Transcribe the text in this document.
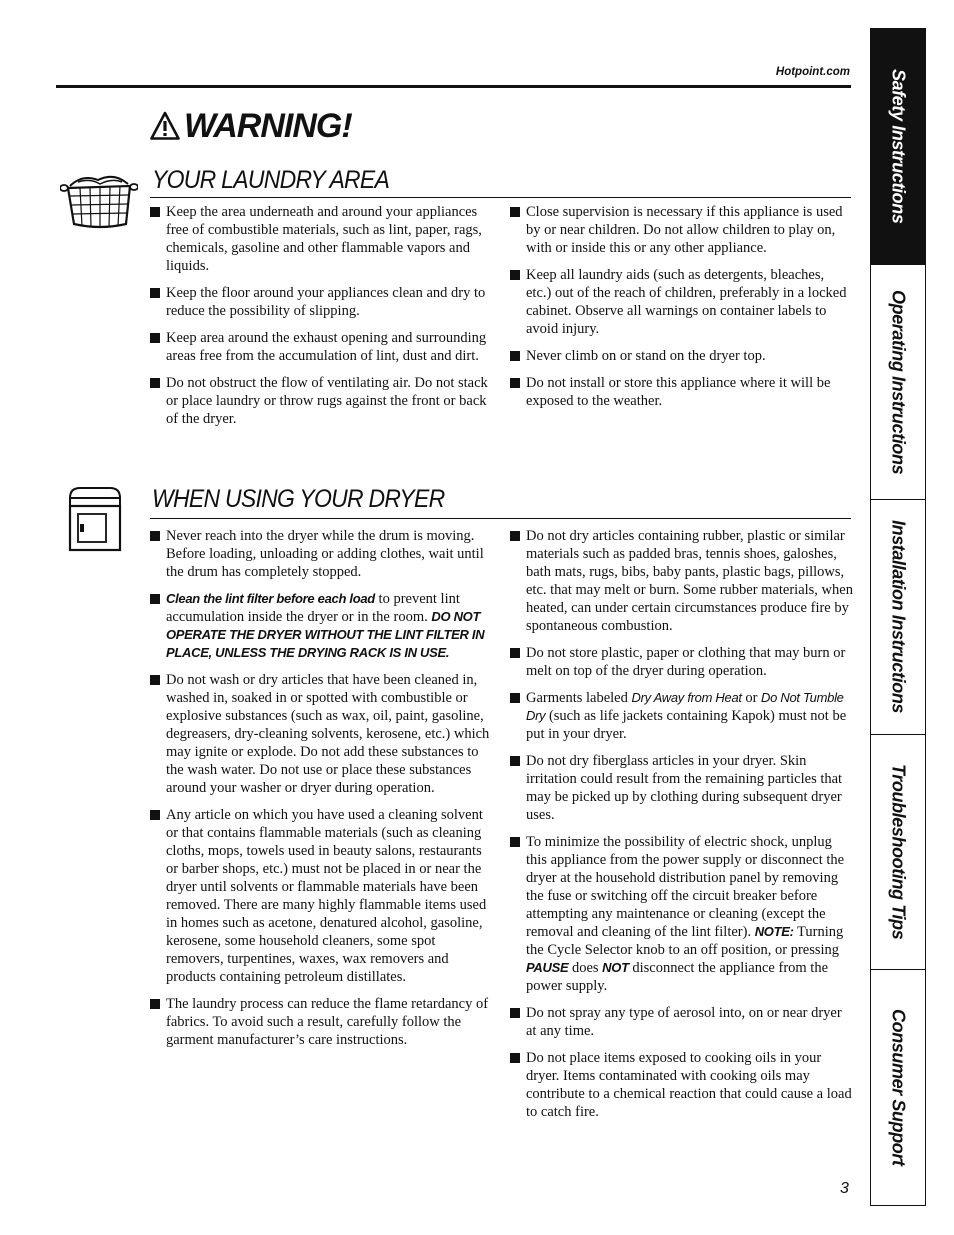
Hotpoint.com
WARNING!
YOUR LAUNDRY AREA
Keep the area underneath and around your appliances free of combustible materials, such as lint, paper, rags, chemicals, gasoline and other flammable vapors and liquids.
Keep the floor around your appliances clean and dry to reduce the possibility of slipping.
Keep area around the exhaust opening and surrounding areas free from the accumulation of lint, dust and dirt.
Do not obstruct the flow of ventilating air. Do not stack or place laundry or throw rugs against the front or back of the dryer.
Close supervision is necessary if this appliance is used by or near children. Do not allow children to play on, with or inside this or any other appliance.
Keep all laundry aids (such as detergents, bleaches, etc.) out of the reach of children, preferably in a locked cabinet. Observe all warnings on container labels to avoid injury.
Never climb on or stand on the dryer top.
Do not install or store this appliance where it will be exposed to the weather.
WHEN USING YOUR DRYER
Never reach into the dryer while the drum is moving. Before loading, unloading or adding clothes, wait until the drum has completely stopped.
Clean the lint filter before each load to prevent lint accumulation inside the dryer or in the room. DO NOT OPERATE THE DRYER WITHOUT THE LINT FILTER IN PLACE, UNLESS THE DRYING RACK IS IN USE.
Do not wash or dry articles that have been cleaned in, washed in, soaked in or spotted with combustible or explosive substances (such as wax, oil, paint, gasoline, degreasers, dry-cleaning solvents, kerosene, etc.) which may ignite or explode. Do not add these substances to the wash water. Do not use or place these substances around your washer or dryer during operation.
Any article on which you have used a cleaning solvent or that contains flammable materials (such as cleaning cloths, mops, towels used in beauty salons, restaurants or barber shops, etc.) must not be placed in or near the dryer until solvents or flammable materials have been removed. There are many highly flammable items used in homes such as acetone, denatured alcohol, gasoline, kerosene, some household cleaners, some spot removers, turpentines, waxes, wax removers and products containing petroleum distillates.
The laundry process can reduce the flame retardancy of fabrics. To avoid such a result, carefully follow the garment manufacturer’s care instructions.
Do not dry articles containing rubber, plastic or similar materials such as padded bras, tennis shoes, galoshes, bath mats, rugs, bibs, baby pants, plastic bags, pillows, etc. that may melt or burn. Some rubber materials, when heated, can under certain circumstances produce fire by spontaneous combustion.
Do not store plastic, paper or clothing that may burn or melt on top of the dryer during operation.
Garments labeled Dry Away from Heat or Do Not Tumble Dry (such as life jackets containing Kapok) must not be put in your dryer.
Do not dry fiberglass articles in your dryer. Skin irritation could result from the remaining particles that may be picked up by clothing during subsequent dryer uses.
To minimize the possibility of electric shock, unplug this appliance from the power supply or disconnect the dryer at the household distribution panel by removing the fuse or switching off the circuit breaker before attempting any maintenance or cleaning (except the removal and cleaning of the lint filter). NOTE: Turning the Cycle Selector knob to an off position, or pressing PAUSE does NOT disconnect the appliance from the power supply.
Do not spray any type of aerosol into, on or near dryer at any time.
Do not place items exposed to cooking oils in your dryer. Items contaminated with cooking oils may contribute to a chemical reaction that could cause a load to catch fire.
3
Safety Instructions
Operating Instructions
Installation Instructions
Troubleshooting Tips
Consumer Support
